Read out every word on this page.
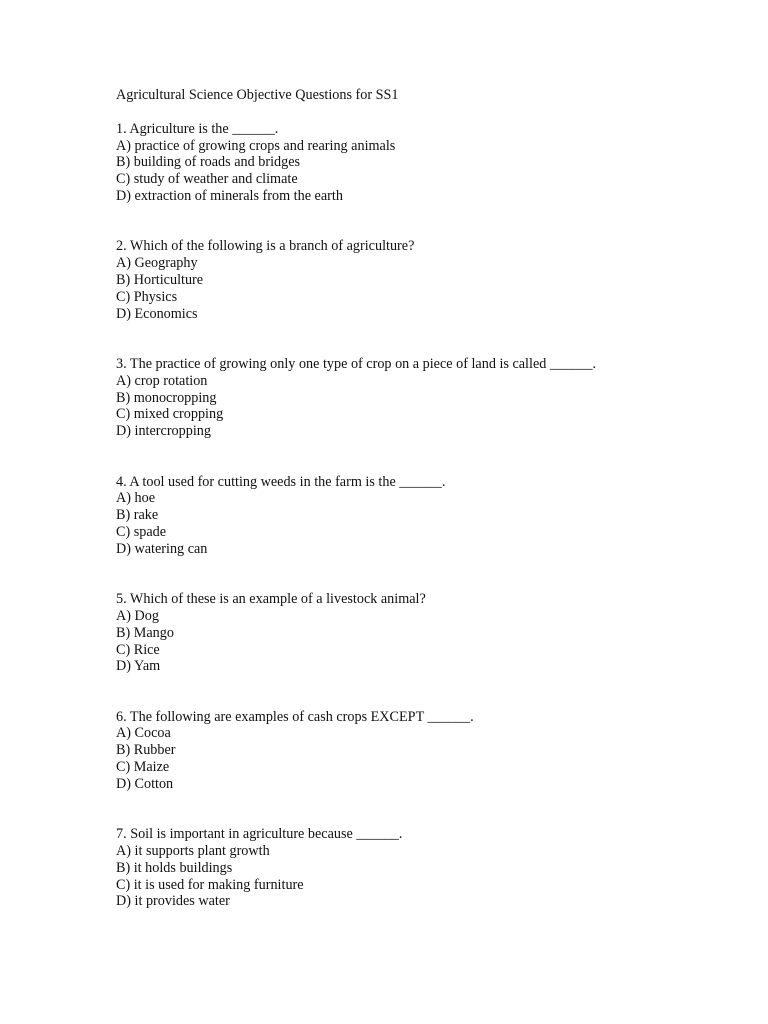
Agricultural Science Objective Questions for SS1
1. Agriculture is the ______.
A) practice of growing crops and rearing animals
B) building of roads and bridges
C) study of weather and climate
D) extraction of minerals from the earth
2. Which of the following is a branch of agriculture?
A) Geography
B) Horticulture
C) Physics
D) Economics
3. The practice of growing only one type of crop on a piece of land is called ______.
A) crop rotation
B) monocropping
C) mixed cropping
D) intercropping
4. A tool used for cutting weeds in the farm is the ______.
A) hoe
B) rake
C) spade
D) watering can
5. Which of these is an example of a livestock animal?
A) Dog
B) Mango
C) Rice
D) Yam
6. The following are examples of cash crops EXCEPT ______.
A) Cocoa
B) Rubber
C) Maize
D) Cotton
7. Soil is important in agriculture because ______.
A) it supports plant growth
B) it holds buildings
C) it is used for making furniture
D) it provides water
